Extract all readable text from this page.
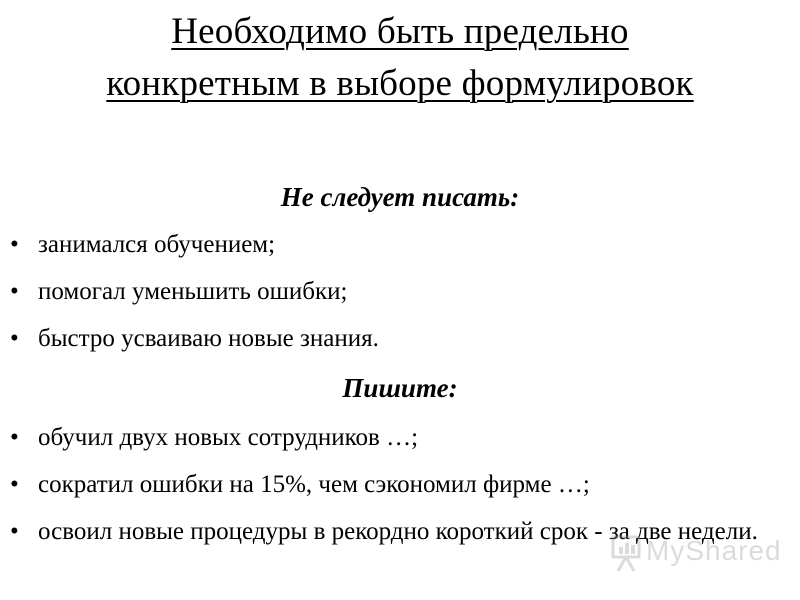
Необходимо быть предельно
конкретным в выборе формулировок
Не следует писать:
• занимался обучением;
• помогал уменьшить ошибки;
• быстро усваиваю новые знания.
Пишите:
• обучил двух новых сотрудников …;
• сократил ошибки на 15%, чем сэкономил фирме …;
• освоил новые процедуры в рекордно короткий срок - за две недели.
MyShared
